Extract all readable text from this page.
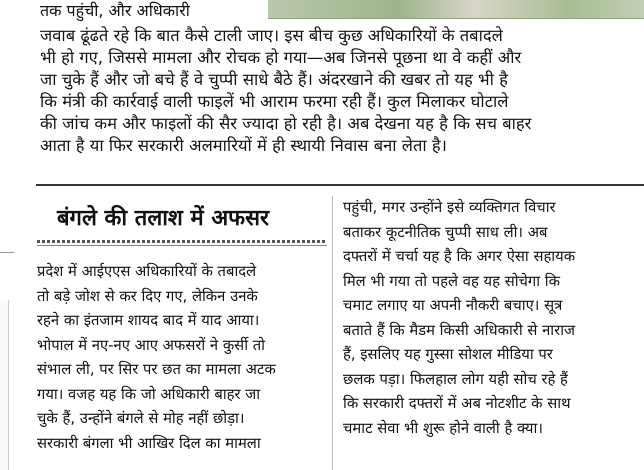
तक पहुंची, और अधिकारी
जवाब ढूंढते रहे कि बात कैसे टाली जाए। इस बीच कुछ अधिकारियों के तबादले
भी हो गए, जिससे मामला और रोचक हो गया—अब जिनसे पूछना था वे कहीं और
जा चुके हैं और जो बचे हैं वे चुप्पी साधे बैठे हैं। अंदरखाने की खबर तो यह भी है
कि मंत्री की कार्रवाई वाली फाइलें भी आराम फरमा रही हैं। कुल मिलाकर घोटाले
की जांच कम और फाइलों की सैर ज्यादा हो रही है। अब देखना यह है कि सच बाहर
आता है या फिर सरकारी अलमारियों में ही स्थायी निवास बना लेता है।
बंगले की तलाश में अफसर
प्रदेश में आईएएस अधिकारियों के तबादले
तो बड़े जोश से कर दिए गए, लेकिन उनके
रहने का इंतजाम शायद बाद में याद आया।
भोपाल में नए-नए आए अफसरों ने कुर्सी तो
संभाल ली, पर सिर पर छत का मामला अटक
गया। वजह यह कि जो अधिकारी बाहर जा
चुके हैं, उन्होंने बंगले से मोह नहीं छोड़ा।
सरकारी बंगला भी आखिर दिल का मामला
पहुंची, मगर उन्होंने इसे व्यक्तिगत विचार
बताकर कूटनीतिक चुप्पी साध ली। अब
दफ्तरों में चर्चा यह है कि अगर ऐसा सहायक
मिल भी गया तो पहले वह यह सोचेगा कि
चमाट लगाए या अपनी नौकरी बचाए। सूत्र
बताते हैं कि मैडम किसी अधिकारी से नाराज
हैं, इसलिए यह गुस्सा सोशल मीडिया पर
छलक पड़ा। फिलहाल लोग यही सोच रहे हैं
कि सरकारी दफ्तरों में अब नोटशीट के साथ
चमाट सेवा भी शुरू होने वाली है क्या।
